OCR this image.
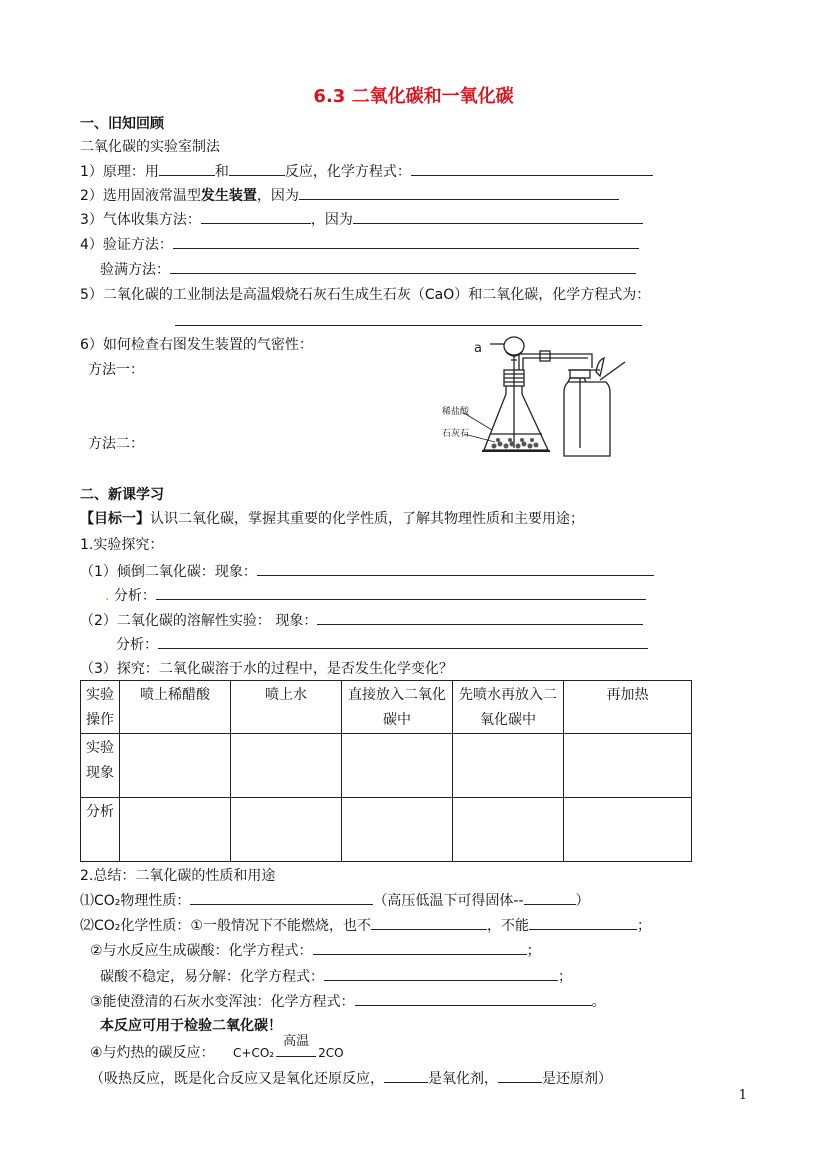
6.3 二氧化碳和一氧化碳
一、旧知回顾
二氧化碳的实验室制法
1）原理：用	和	反应，化学方程式：
2）选用固液常温型发生装置，因为
3）气体收集方法：	，因为
4）验证方法：
验满方法：
5）二氧化碳的工业制法是高温煅烧石灰石生成生石灰（CaO）和二氧化碳，化学方程式为：
6）如何检查右图发生装置的气密性：
方法一：
方法二：
a
稀盐酸
石灰石
二、新课学习
【目标一】认识二氧化碳，掌握其重要的化学性质，了解其物理性质和主要用途；
1.实验探究：
（1）倾倒二氧化碳：现象：
. 分析：
（2）二氧化碳的溶解性实验： 现象：
分析：
（3）探究：二氧化碳溶于水的过程中，是否发生化学变化？
实验操作	喷上稀醋酸	喷上水	直接放入二氧化碳中	先喷水再放入二氧化碳中	再加热
实验现象					
分析					
2.总结：二氧化碳的性质和用途
⑴CO₂物理性质：	（高压低温下可得固体--	）
⑵CO₂化学性质：①一般情况下不能燃烧，也不	，不能	；
②与水反应生成碳酸：化学方程式：	；
碳酸不稳定，易分解：化学方程式：	；
③能使澄清的石灰水变浑浊：化学方程式：	。
本反应可用于检验二氧化碳！
④与灼热的碳反应： C+CO₂
高温
2CO
（吸热反应，既是化合反应又是氧化还原反应，	是氧化剂，	是还原剂）
1
